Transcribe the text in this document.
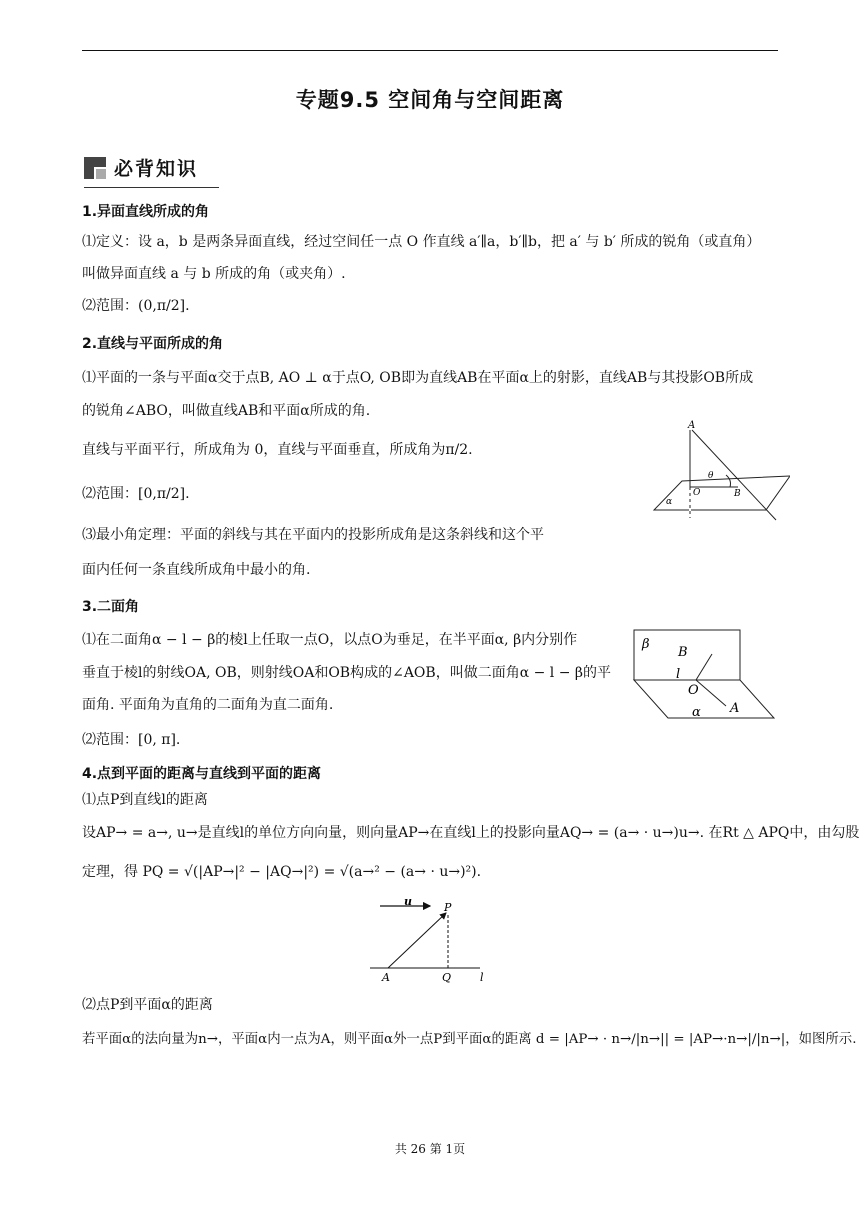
专题9.5 空间角与空间距离
必背知识
1.异面直线所成的角
⑴定义：设 a，b 是两条异面直线，经过空间任一点 O 作直线 a′∥a，b′∥b，把 a′ 与 b′ 所成的锐角（或直角）
叫做异面直线 a 与 b 所成的角（或夹角）.
⑵范围：(0,π/2].
2.直线与平面所成的角
⑴平面的一条与平面α交于点B, AO ⊥ α于点O, OB即为直线AB在平面α上的射影，直线AB与其投影OB所成
的锐角∠ABO，叫做直线AB和平面α所成的角.
直线与平面平行，所成角为 0，直线与平面垂直，所成角为π/2.
⑵范围：[0,π/2].
⑶最小角定理：平面的斜线与其在平面内的投影所成角是这条斜线和这个平
面内任何一条直线所成角中最小的角.
A
θ
O	B
α
3.二面角
⑴在二面角α − l − β的棱l上任取一点O，以点O为垂足，在半平面α, β内分别作
垂直于棱l的射线OA, OB，则射线OA和OB构成的∠AOB，叫做二面角α − l − β的平
面角. 平面角为直角的二面角为直二面角.
⑵范围：[0, π].
β
B
l
O
α A
4.点到平面的距离与直线到平面的距离
⑴点P到直线l的距离
设AP→ = a→, u→是直线l的单位方向向量，则向量AP→在直线l上的投影向量AQ→ = (a→ · u→)u→. 在Rt △ APQ中，由勾股
定理，得 PQ = √(|AP→|² − |AQ→|²) = √(a→² − (a→ · u→)²).
u	P
A	Q	l
⑵点P到平面α的距离
若平面α的法向量为n→，平面α内一点为A，则平面α外一点P到平面α的距离 d = |AP→ · n→/|n→|| = |AP→·n→|/|n→|，如图所示.
共 26 第 1页
